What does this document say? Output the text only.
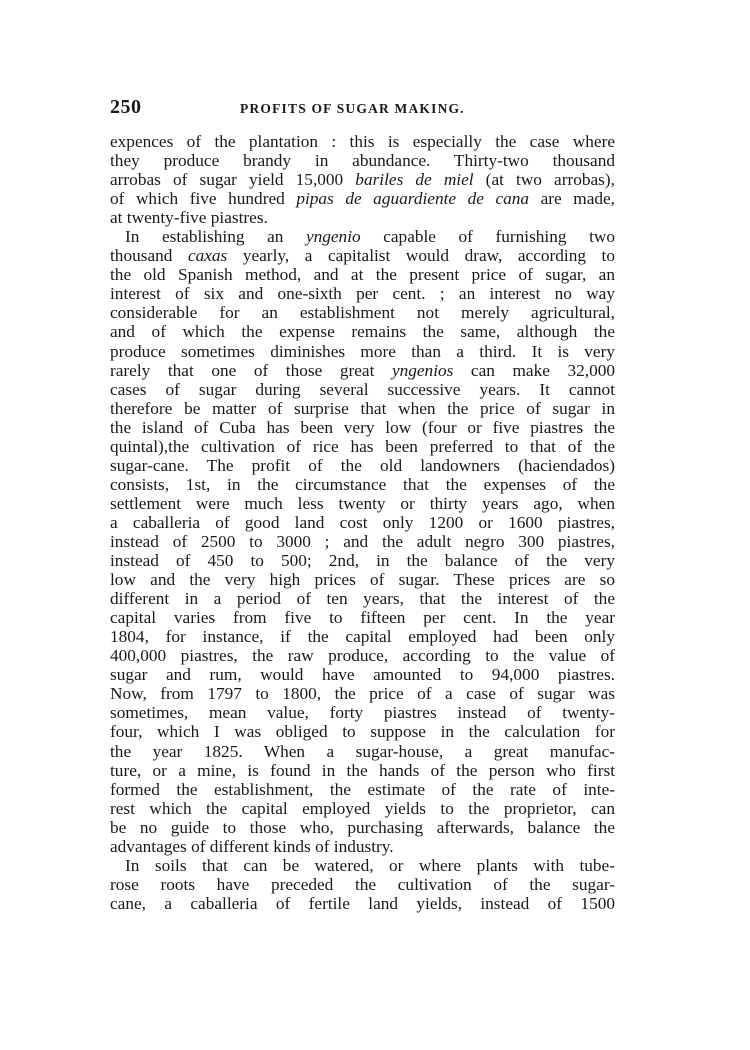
250	PROFITS OF SUGAR MAKING.
expences of the plantation : this is especially the case where
they produce brandy in abundance. Thirty-two thousand
arrobas of sugar yield 15,000 bariles de miel (at two arrobas),
of which five hundred pipas de aguardiente de cana are made,
at twenty-five piastres.
In establishing an yngenio capable of furnishing two
thousand caxas yearly, a capitalist would draw, according to
the old Spanish method, and at the present price of sugar, an
interest of six and one-sixth per cent. ; an interest no way
considerable for an establishment not merely agricultural,
and of which the expense remains the same, although the
produce sometimes diminishes more than a third. It is very
rarely that one of those great yngenios can make 32,000
cases of sugar during several successive years. It cannot
therefore be matter of surprise that when the price of sugar in
the island of Cuba has been very low (four or five piastres the
quintal),the cultivation of rice has been preferred to that of the
sugar-cane. The profit of the old landowners (haciendados)
consists, 1st, in the circumstance that the expenses of the
settlement were much less twenty or thirty years ago, when
a caballeria of good land cost only 1200 or 1600 piastres,
instead of 2500 to 3000 ; and the adult negro 300 piastres,
instead of 450 to 500; 2nd, in the balance of the very
low and the very high prices of sugar. These prices are so
different in a period of ten years, that the interest of the
capital varies from five to fifteen per cent. In the year
1804, for instance, if the capital employed had been only
400,000 piastres, the raw produce, according to the value of
sugar and rum, would have amounted to 94,000 piastres.
Now, from 1797 to 1800, the price of a case of sugar was
sometimes, mean value, forty piastres instead of twenty-
four, which I was obliged to suppose in the calculation for
the year 1825. When a sugar-house, a great manufac-
ture, or a mine, is found in the hands of the person who first
formed the establishment, the estimate of the rate of inte-
rest which the capital employed yields to the proprietor, can
be no guide to those who, purchasing afterwards, balance the
advantages of different kinds of industry.
In soils that can be watered, or where plants with tube-
rose roots have preceded the cultivation of the sugar-
cane, a caballeria of fertile land yields, instead of 1500
